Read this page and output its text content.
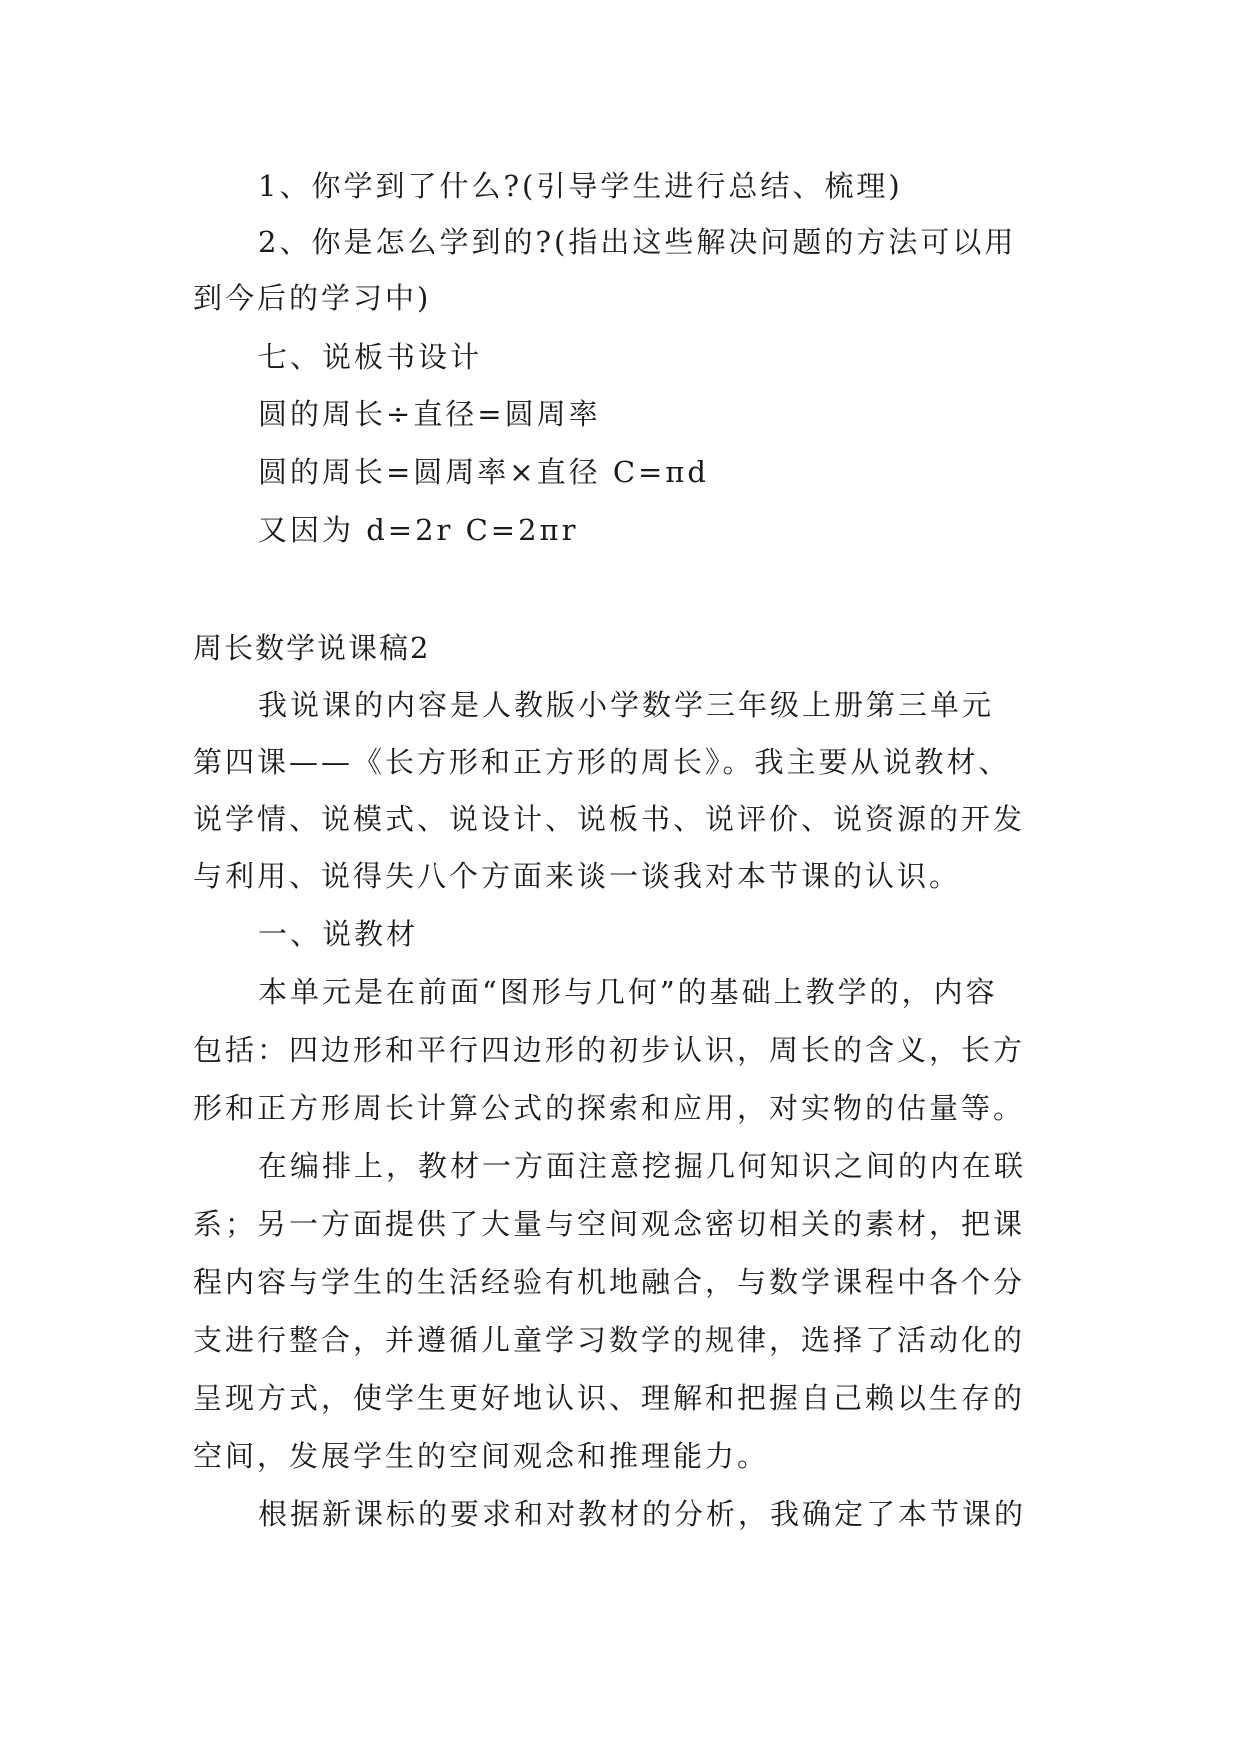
1、你学到了什么?(引导学生进行总结、梳理)
2、你是怎么学到的?(指出这些解决问题的方法可以用
到今后的学习中)
七、说板书设计
圆的周长÷直径=圆周率
圆的周长=圆周率×直径 C=πd
又因为 d=2r C=2πr
周长数学说课稿2
我说课的内容是人教版小学数学三年级上册第三单元
第四课——《长方形和正方形的周长》。我主要从说教材、
说学情、说模式、说设计、说板书、说评价、说资源的开发
与利用、说得失八个方面来谈一谈我对本节课的认识。
一、说教材
本单元是在前面“图形与几何”的基础上教学的，内容
包括：四边形和平行四边形的初步认识，周长的含义，长方
形和正方形周长计算公式的探索和应用，对实物的估量等。
在编排上，教材一方面注意挖掘几何知识之间的内在联
系；另一方面提供了大量与空间观念密切相关的素材，把课
程内容与学生的生活经验有机地融合，与数学课程中各个分
支进行整合，并遵循儿童学习数学的规律，选择了活动化的
呈现方式，使学生更好地认识、理解和把握自己赖以生存的
空间，发展学生的空间观念和推理能力。
根据新课标的要求和对教材的分析，我确定了本节课的
